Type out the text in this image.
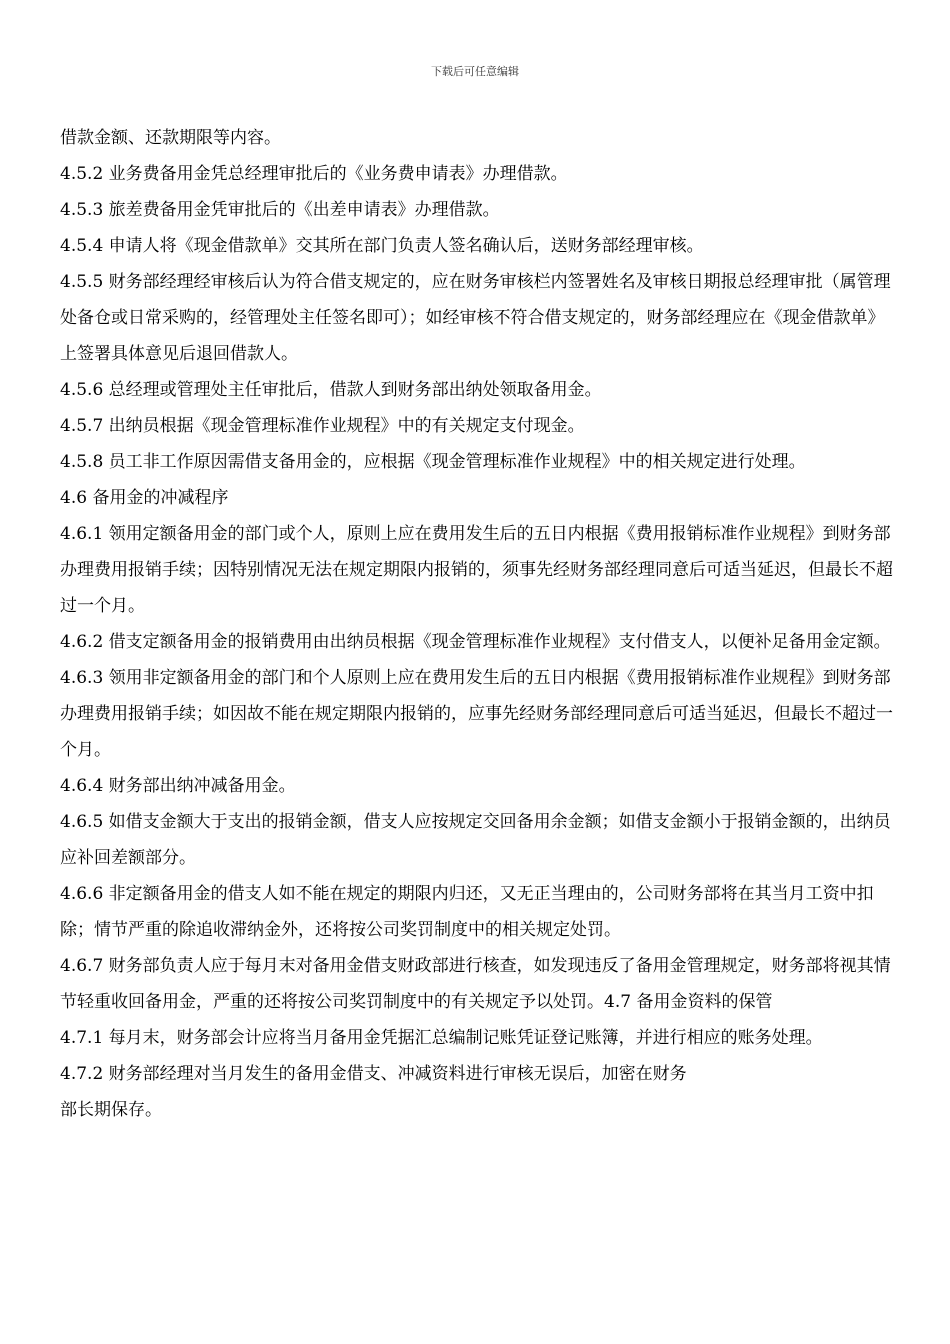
下载后可任意编辑

借款金额、还款期限等内容。

4.5.2 业务费备用金凭总经理审批后的《业务费申请表》办理借款。

4.5.3 旅差费备用金凭审批后的《出差申请表》办理借款。

4.5.4 申请人将《现金借款单》交其所在部门负责人签名确认后，送财务部经理审核。

4.5.5 财务部经理经审核后认为符合借支规定的，应在财务审核栏内签署姓名及审核日期报总经理审批（属管理处备仓或日常采购的，经管理处主任签名即可）；如经审核不符合借支规定的，财务部经理应在《现金借款单》上签署具体意见后退回借款人。

4.5.6 总经理或管理处主任审批后，借款人到财务部出纳处领取备用金。

4.5.7 出纳员根据《现金管理标准作业规程》中的有关规定支付现金。

4.5.8 员工非工作原因需借支备用金的，应根据《现金管理标准作业规程》中的相关规定进行处理。

4.6 备用金的冲减程序

4.6.1 领用定额备用金的部门或个人，原则上应在费用发生后的五日内根据《费用报销标准作业规程》到财务部办理费用报销手续；因特别情况无法在规定期限内报销的，须事先经财务部经理同意后可适当延迟，但最长不超过一个月。

4.6.2 借支定额备用金的报销费用由出纳员根据《现金管理标准作业规程》支付借支人，以便补足备用金定额。

4.6.3 领用非定额备用金的部门和个人原则上应在费用发生后的五日内根据《费用报销标准作业规程》到财务部办理费用报销手续；如因故不能在规定期限内报销的，应事先经财务部经理同意后可适当延迟，但最长不超过一个月。

4.6.4 财务部出纳冲减备用金。

4.6.5 如借支金额大于支出的报销金额，借支人应按规定交回备用余金额；如借支金额小于报销金额的，出纳员应补回差额部分。

4.6.6 非定额备用金的借支人如不能在规定的期限内归还，又无正当理由的，公司财务部将在其当月工资中扣除；情节严重的除追收滞纳金外，还将按公司奖罚制度中的相关规定处罚。

4.6.7 财务部负责人应于每月末对备用金借支财政部进行核查，如发现违反了备用金管理规定，财务部将视其情节轻重收回备用金，严重的还将按公司奖罚制度中的有关规定予以处罚。4.7 备用金资料的保管

4.7.1 每月末，财务部会计应将当月备用金凭据汇总编制记账凭证登记账簿，并进行相应的账务处理。

4.7.2 财务部经理对当月发生的备用金借支、冲减资料进行审核无误后，加密在财务

部长期保存。
